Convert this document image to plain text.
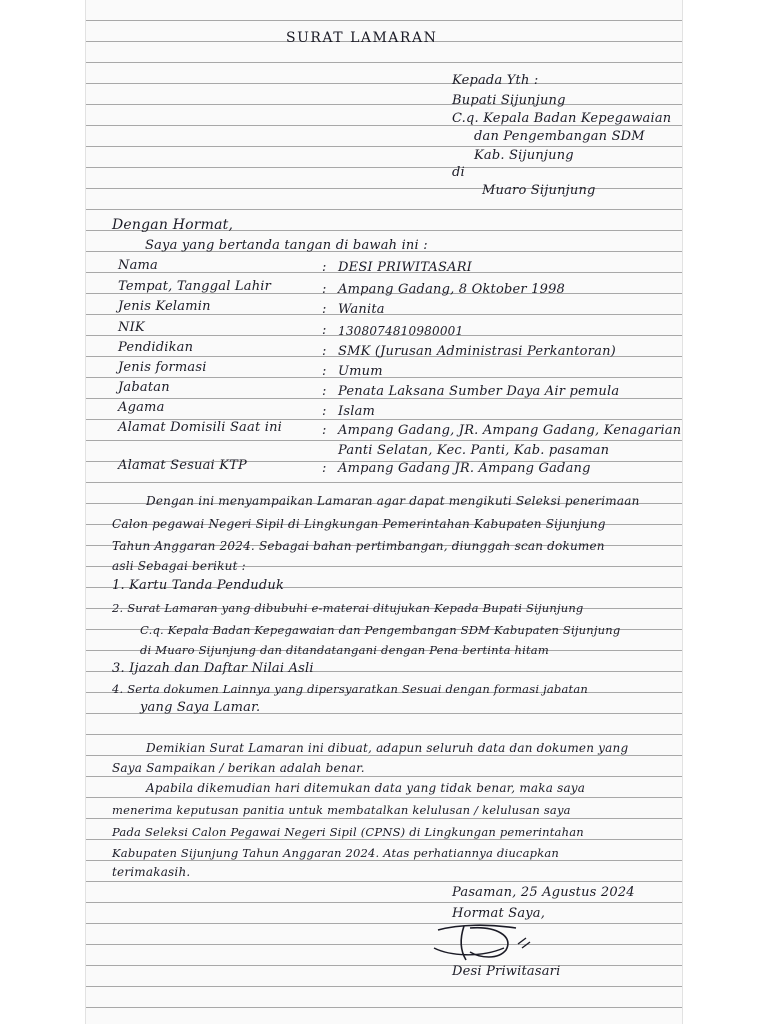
SURAT LAMARAN
Kepada Yth :
Bupati Sijunjung
C.q. Kepala Badan Kepegawaian
dan Pengembangan SDM
Kab. Sijunjung
di
Muaro Sijunjung
Dengan Hormat,
Saya yang bertanda tangan di bawah ini :
Nama	: DESI PRIWITASARI
Tempat, Tanggal Lahir	: Ampang Gadang, 8 Oktober 1998
Jenis Kelamin	: Wanita
NIK	: 1308074810980001
Pendidikan	: SMK (Jurusan Administrasi Perkantoran)
Jenis formasi	: Umum
Jabatan	: Penata Laksana Sumber Daya Air pemula
Agama	: Islam
Alamat Domisili Saat ini	: Ampang Gadang, JR. Ampang Gadang, Kenagarian
Panti Selatan, Kec. Panti, Kab. pasaman
Alamat Sesuai KTP	: Ampang Gadang JR. Ampang Gadang
Dengan ini menyampaikan Lamaran agar dapat mengikuti Seleksi penerimaan
Calon pegawai Negeri Sipil di Lingkungan Pemerintahan Kabupaten Sijunjung
Tahun Anggaran 2024. Sebagai bahan pertimbangan, diunggah scan dokumen
asli Sebagai berikut :
1. Kartu Tanda Penduduk
2. Surat Lamaran yang dibubuhi e-materai ditujukan Kepada Bupati Sijunjung
C.q. Kepala Badan Kepegawaian dan Pengembangan SDM Kabupaten Sijunjung
di Muaro Sijunjung dan ditandatangani dengan Pena bertinta hitam
3. Ijazah dan Daftar Nilai Asli
4. Serta dokumen Lainnya yang dipersyaratkan Sesuai dengan formasi jabatan
yang Saya Lamar.
Demikian Surat Lamaran ini dibuat, adapun seluruh data dan dokumen yang
Saya Sampaikan / berikan adalah benar.
Apabila dikemudian hari ditemukan data yang tidak benar, maka saya
menerima keputusan panitia untuk membatalkan kelulusan / kelulusan saya
Pada Seleksi Calon Pegawai Negeri Sipil (CPNS) di Lingkungan pemerintahan
Kabupaten Sijunjung Tahun Anggaran 2024. Atas perhatiannya diucapkan
terimakasih.
Pasaman, 25 Agustus 2024
Hormat Saya,
Desi Priwitasari
